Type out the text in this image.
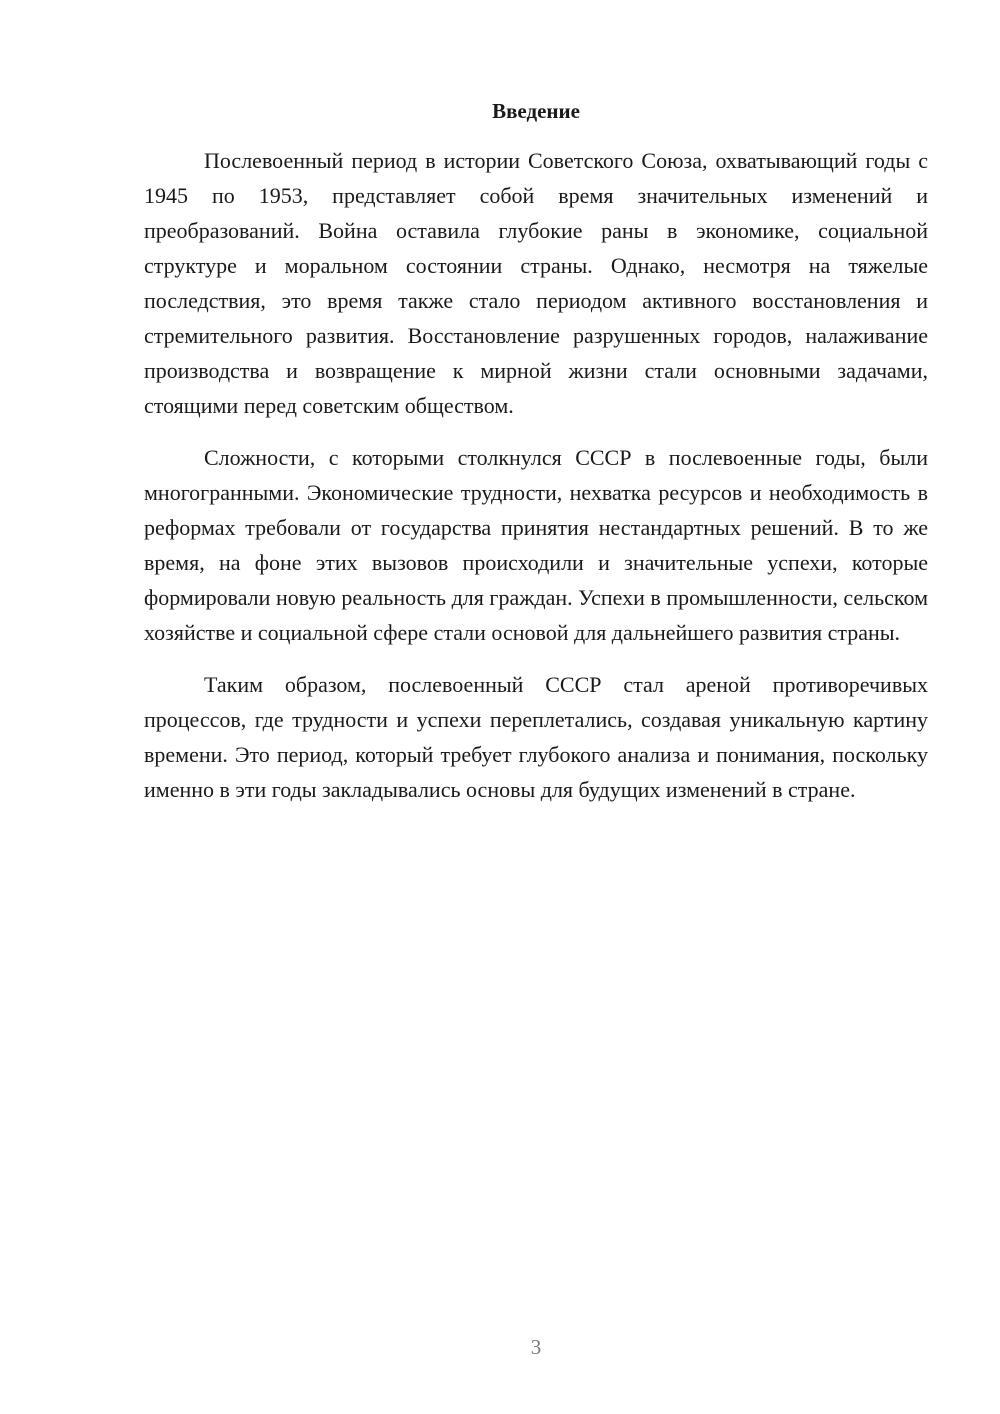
Введение

Послевоенный период в истории Советского Союза, охватывающий годы с 1945 по 1953, представляет собой время значительных изменений и преобразований. Война оставила глубокие раны в экономике, социальной структуре и моральном состоянии страны. Однако, несмотря на тяжелые последствия, это время также стало периодом активного восстановления и стремительного развития. Восстановление разрушенных городов, налаживание производства и возвращение к мирной жизни стали основными задачами, стоящими перед советским обществом.

Сложности, с которыми столкнулся СССР в послевоенные годы, были многогранными. Экономические трудности, нехватка ресурсов и необходимость в реформах требовали от государства принятия нестандартных решений. В то же время, на фоне этих вызовов происходили и значительные успехи, которые формировали новую реальность для граждан. Успехи в промышленности, сельском хозяйстве и социальной сфере стали основой для дальнейшего развития страны.

Таким образом, послевоенный СССР стал ареной противоречивых процессов, где трудности и успехи переплетались, создавая уникальную картину времени. Это период, который требует глубокого анализа и понимания, поскольку именно в эти годы закладывались основы для будущих изменений в стране.

3
